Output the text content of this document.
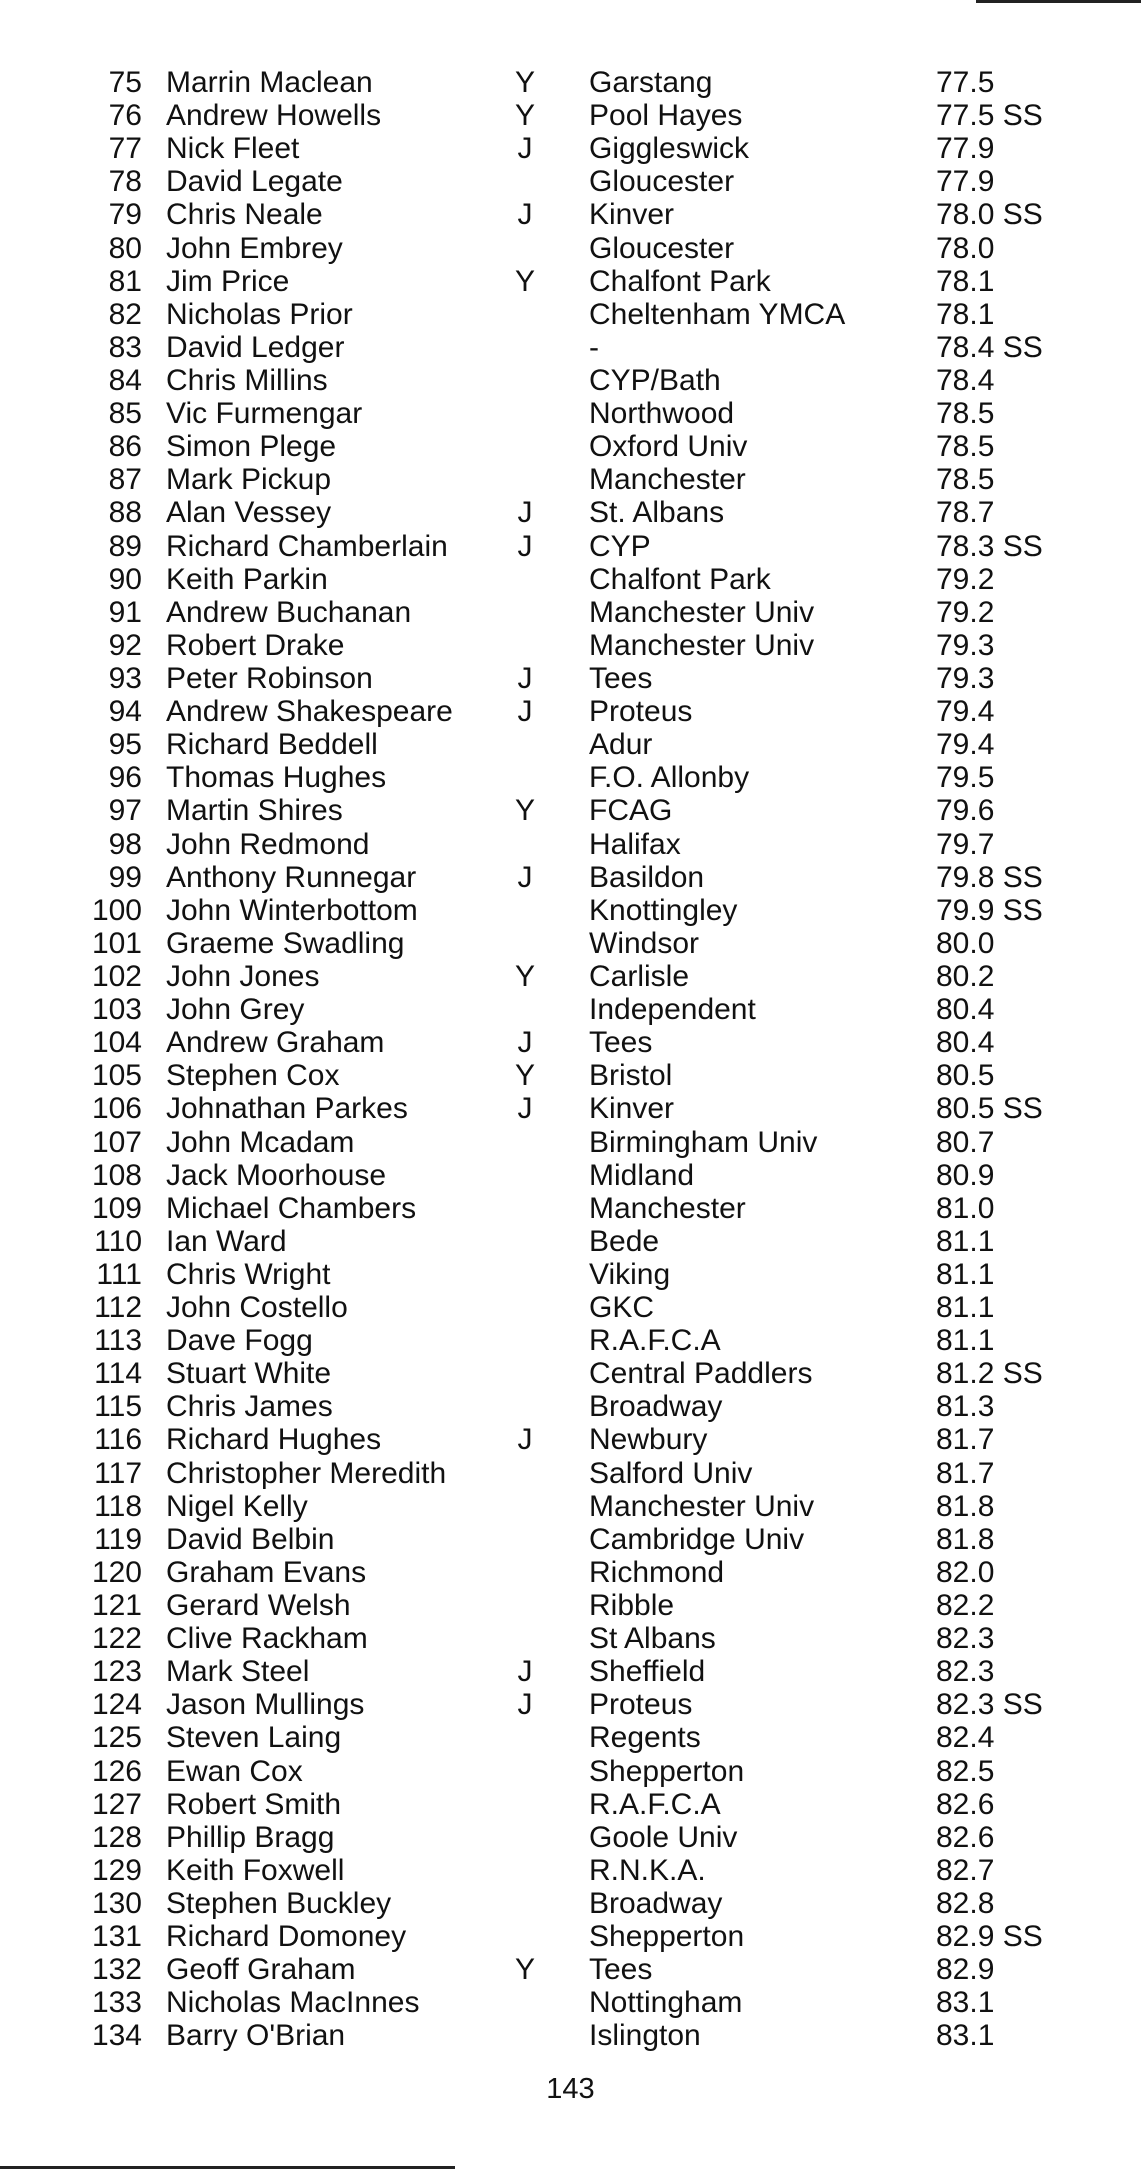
75 Marrin Maclean	Y Garstang	77.5
76 Andrew Howells	Y Pool Hayes	77.5 SS
77 Nick Fleet	J Giggleswick	77.9
78 David Legate	Gloucester	77.9
79 Chris Neale	J Kinver	78.0 SS
80 John Embrey	Gloucester	78.0
81 Jim Price	Y Chalfont Park	78.1
82 Nicholas Prior	Cheltenham YMCA	78.1
83 David Ledger	-	78.4 SS
84 Chris Millins	CYP/Bath	78.4
85 Vic Furmengar	Northwood	78.5
86 Simon Plege	Oxford Univ	78.5
87 Mark Pickup	Manchester	78.5
88 Alan Vessey	J St. Albans	78.7
89 Richard Chamberlain J CYP	78.3 SS
90 Keith Parkin	Chalfont Park	79.2
91 Andrew Buchanan	Manchester Univ	79.2
92 Robert Drake	Manchester Univ	79.3
93 Peter Robinson	J Tees	79.3
94 Andrew Shakespeare J Proteus	79.4
95 Richard Beddell	Adur	79.4
96 Thomas Hughes	F.O. Allonby	79.5
97 Martin Shires	Y FCAG	79.6
98 John Redmond	Halifax	79.7
99 Anthony Runnegar	J Basildon	79.8 SS
100 John Winterbottom	Knottingley	79.9 SS
101 Graeme Swadling	Windsor	80.0
102 John Jones	Y Carlisle	80.2
103 John Grey	Independent	80.4
104 Andrew Graham	J Tees	80.4
105 Stephen Cox	Y Bristol	80.5
106 Johnathan Parkes	J Kinver	80.5 SS
107 John Mcadam	Birmingham Univ	80.7
108 Jack Moorhouse	Midland	80.9
109 Michael Chambers	Manchester	81.0
110 Ian Ward	Bede	81.1
111 Chris Wright	Viking	81.1
112 John Costello	GKC	81.1
113 Dave Fogg	R.A.F.C.A	81.1
114 Stuart White	Central Paddlers	81.2 SS
115 Chris James	Broadway	81.3
116 Richard Hughes	J Newbury	81.7
117 Christopher Meredith	Salford Univ	81.7
118 Nigel Kelly	Manchester Univ	81.8
119 David Belbin	Cambridge Univ	81.8
120 Graham Evans	Richmond	82.0
121 Gerard Welsh	Ribble	82.2
122 Clive Rackham	St Albans	82.3
123 Mark Steel	J Sheffield	82.3
124 Jason Mullings	J Proteus	82.3 SS
125 Steven Laing	Regents	82.4
126 Ewan Cox	Shepperton	82.5
127 Robert Smith	R.A.F.C.A	82.6
128 Phillip Bragg	Goole Univ	82.6
129 Keith Foxwell	R.N.K.A.	82.7
130 Stephen Buckley	Broadway	82.8
131 Richard Domoney	Shepperton	82.9 SS
132 Geoff Graham	Y Tees	82.9
133 Nicholas MacInnes	Nottingham	83.1
134 Barry O'Brian	Islington	83.1
143
